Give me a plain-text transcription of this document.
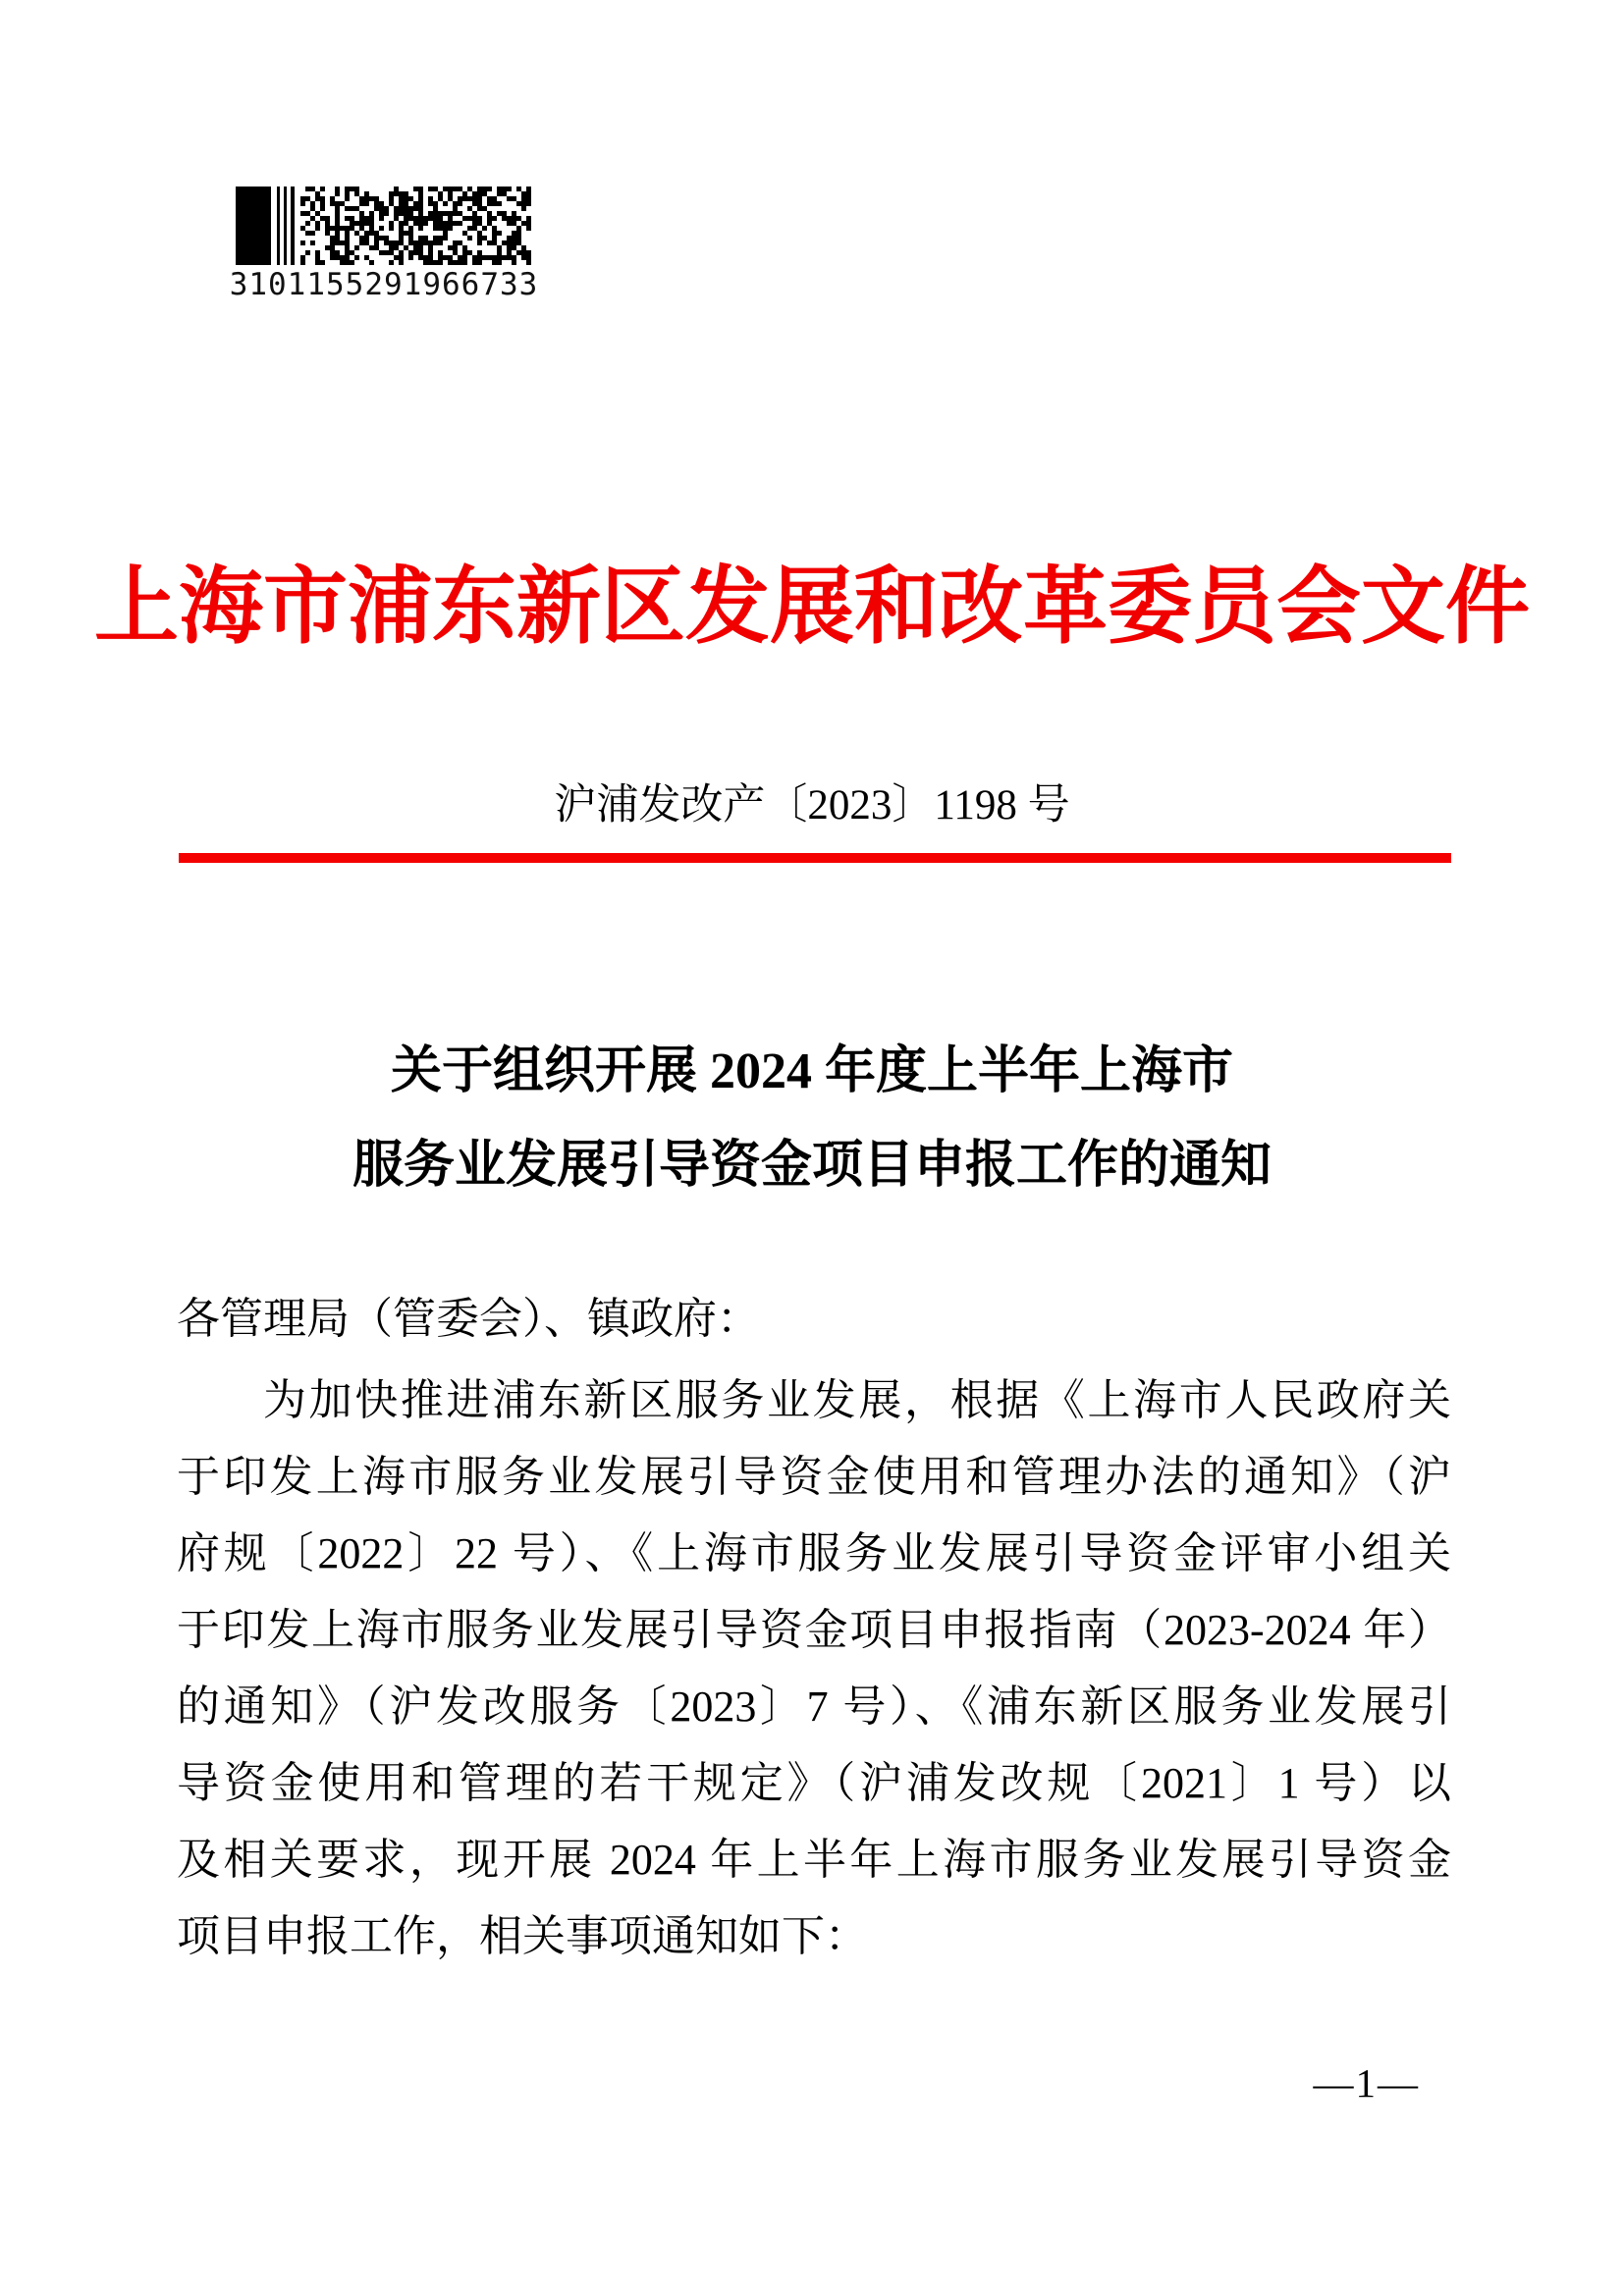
3101155291966733
上海市浦东新区发展和改革委员会文件
沪浦发改产〔2023〕1198 号
关于组织开展 2024 年度上半年上海市
服务业发展引导资金项目申报工作的通知
各管理局（管委会）、镇政府：
为加快推进浦东新区服务业发展，根据《上海市人民政府关
于印发上海市服务业发展引导资金使用和管理办法的通知》（沪
府规〔2022〕22 号）、《上海市服务业发展引导资金评审小组关
于印发上海市服务业发展引导资金项目申报指南（2023-2024 年）
的通知》（沪发改服务〔2023〕7 号）、《浦东新区服务业发展引
导资金使用和管理的若干规定》（沪浦发改规〔2021〕1 号）以
及相关要求，现开展 2024 年上半年上海市服务业发展引导资金
项目申报工作，相关事项通知如下：
—1—
